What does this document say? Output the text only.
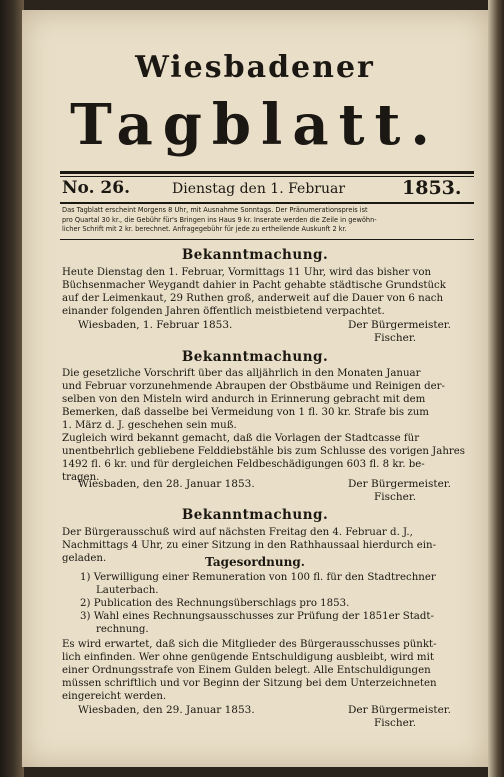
Wiesbadener
Tagblatt.
No. 26.	Dienstag den 1. Februar	1853.
Das Tagblatt erscheint Morgens 8 Uhr, mit Ausnahme Sonntags. Der Pränumerationspreis ist
pro Quartal 30 kr., die Gebühr für's Bringen ins Haus 9 kr. Inserate werden die Zeile in gewöhn-
licher Schrift mit 2 kr. berechnet. Anfragegebühr für jede zu ertheilende Auskunft 2 kr.
Bekanntmachung.
Heute Dienstag den 1. Februar, Vormittags 11 Uhr, wird das bisher von
Büchsenmacher Weygandt dahier in Pacht gehabte städtische Grundstück
auf der Leimenkaut, 29 Ruthen groß, anderweit auf die Dauer von 6 nach
einander folgenden Jahren öffentlich meistbietend verpachtet.
Wiesbaden, 1. Februar 1853.	Der Bürgermeister.
Fischer.
Bekanntmachung.
Die gesetzliche Vorschrift über das alljährlich in den Monaten Januar
und Februar vorzunehmende Abraupen der Obstbäume und Reinigen der-
selben von den Misteln wird andurch in Erinnerung gebracht mit dem
Bemerken, daß dasselbe bei Vermeidung von 1 fl. 30 kr. Strafe bis zum
1. März d. J. geschehen sein muß.
Zugleich wird bekannt gemacht, daß die Vorlagen der Stadtcasse für
unentbehrlich gebliebene Felddiebstähle bis zum Schlusse des vorigen Jahres
1492 fl. 6 kr. und für dergleichen Feldbeschädigungen 603 fl. 8 kr. be-
tragen.
Wiesbaden, den 28. Januar 1853.	Der Bürgermeister.
Fischer.
Bekanntmachung.
Der Bürgerausschuß wird auf nächsten Freitag den 4. Februar d. J.,
Nachmittags 4 Uhr, zu einer Sitzung in den Rathhaussaal hierdurch ein-
geladen.	Tagesordnung.
1) Verwilligung einer Remuneration von 100 fl. für den Stadtrechner
Lauterbach.
2) Publication des Rechnungsüberschlags pro 1853.
3) Wahl eines Rechnungsausschusses zur Prüfung der 1851er Stadt-
rechnung.
Es wird erwartet, daß sich die Mitglieder des Bürgerausschusses pünkt-
lich einfinden. Wer ohne genügende Entschuldigung ausbleibt, wird mit
einer Ordnungsstrafe von Einem Gulden belegt. Alle Entschuldigungen
müssen schriftlich und vor Beginn der Sitzung bei dem Unterzeichneten
eingereicht werden.
Wiesbaden, den 29. Januar 1853.	Der Bürgermeister.
Fischer.
